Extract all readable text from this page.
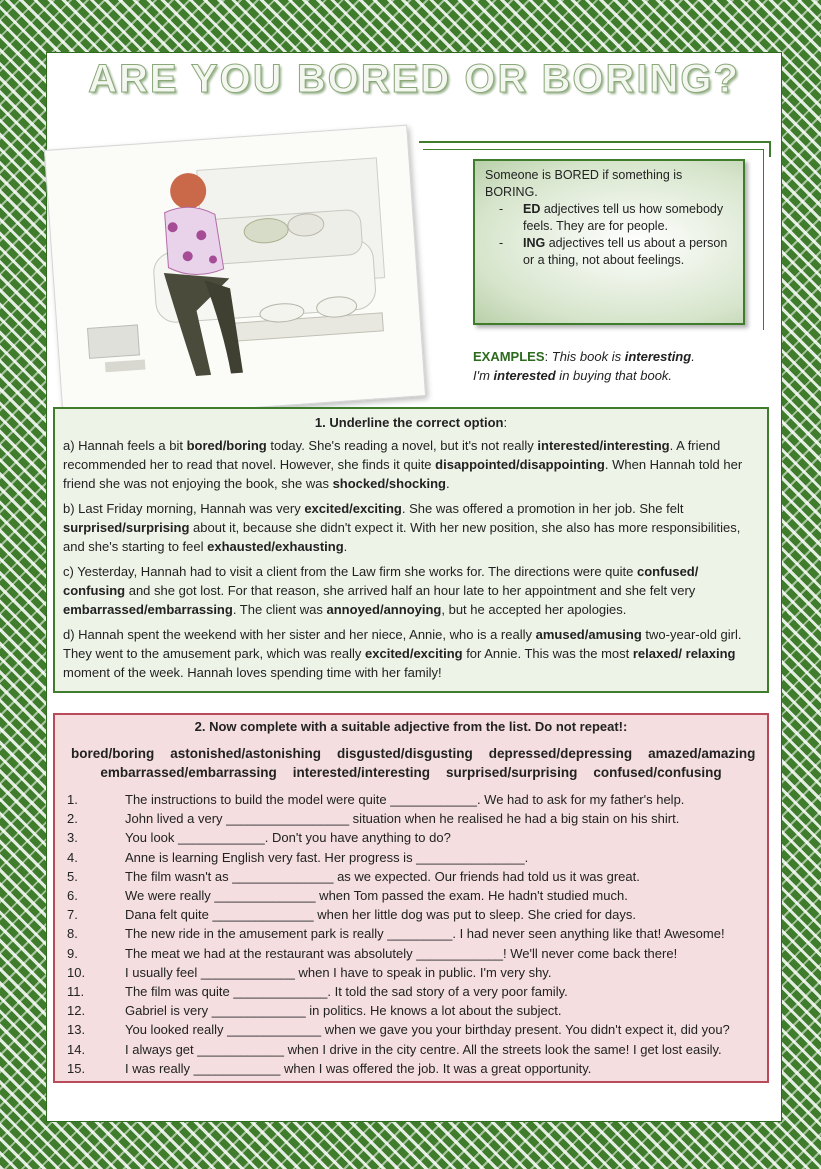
ARE YOU BORED OR BORING?
Someone is BORED if something is BORING.
-	ED adjectives tell us how somebody feels. They are for people.
-	ING adjectives tell us about a person or a thing, not about feelings.
EXAMPLES: This book is interesting.
I'm interested in buying that book.
1. Underline the correct option:

a) Hannah feels a bit bored/boring today. She's reading a novel, but it's not really interested/interesting. A friend recommended her to read that novel. However, she finds it quite disappointed/disappointing. When Hannah told her friend she was not enjoying the book, she was shocked/shocking.

b) Last Friday morning, Hannah was very excited/exciting. She was offered a promotion in her job. She felt surprised/surprising about it, because she didn't expect it. With her new position, she also has more responsibilities, and she's starting to feel exhausted/exhausting.

c) Yesterday, Hannah had to visit a client from the Law firm she works for. The directions were quite confused/ confusing and she got lost. For that reason, she arrived half an hour late to her appointment and she felt very embarrassed/embarrassing. The client was annoyed/annoying, but he accepted her apologies.

d) Hannah spent the weekend with her sister and her niece, Annie, who is a really amused/amusing two-year-old girl. They went to the amusement park, which was really excited/exciting for Annie. This was the most relaxed/ relaxing moment of the week. Hannah loves spending time with her family!

2. Now complete with a suitable adjective from the list. Do not repeat!:
bored/boring astonished/astonishing disgusted/disgusting depressed/depressing amazed/amazing
embarrassed/embarrassing interested/interesting surprised/surprising confused/confusing
1.	The instructions to build the model were quite ____________. We had to ask for my father's help.
2.	John lived a very _________________ situation when he realised he had a big stain on his shirt.
3.	You look ____________. Don't you have anything to do?
4.	Anne is learning English very fast. Her progress is _______________.
5.	The film wasn't as ______________ as we expected. Our friends had told us it was great.
6.	We were really ______________ when Tom passed the exam. He hadn't studied much.
7.	Dana felt quite ______________ when her little dog was put to sleep. She cried for days.
8.	The new ride in the amusement park is really _________. I had never seen anything like that! Awesome!
9.	The meat we had at the restaurant was absolutely ____________! We'll never come back there!
10.	I usually feel _____________ when I have to speak in public. I'm very shy.
11.	The film was quite _____________. It told the sad story of a very poor family.
12.	Gabriel is very _____________ in politics. He knows a lot about the subject.
13.	You looked really _____________ when we gave you your birthday present. You didn't expect it, did you?
14.	I always get ____________ when I drive in the city centre. All the streets look the same! I get lost easily.
15.	I was really ____________ when I was offered the job. It was a great opportunity.
